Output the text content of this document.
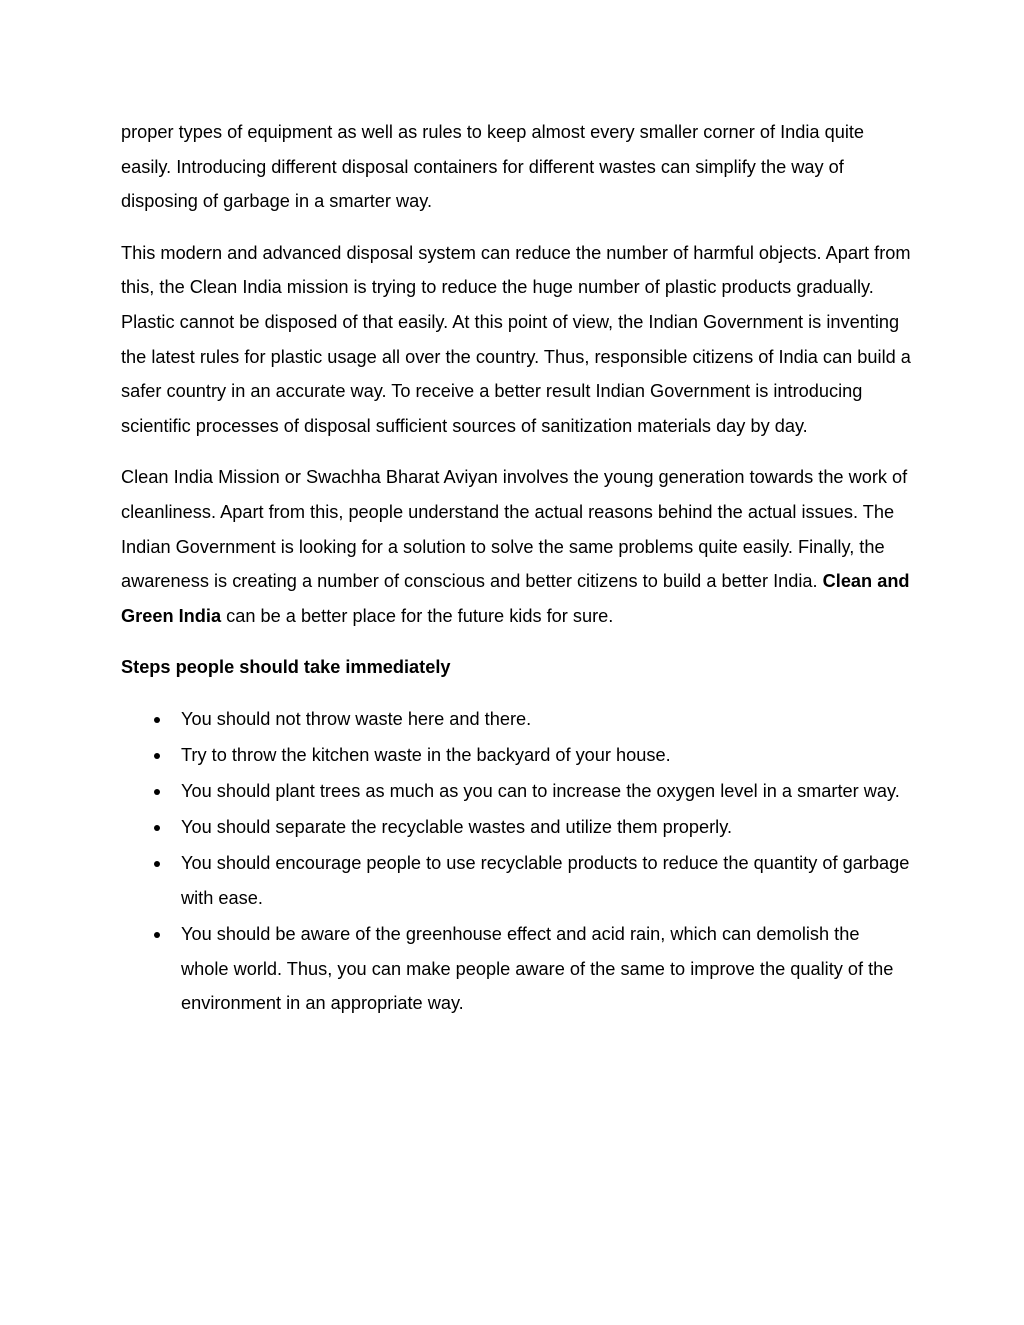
proper types of equipment as well as rules to keep almost every smaller corner of India quite easily. Introducing different disposal containers for different wastes can simplify the way of disposing of garbage in a smarter way.

This modern and advanced disposal system can reduce the number of harmful objects. Apart from this, the Clean India mission is trying to reduce the huge number of plastic products gradually. Plastic cannot be disposed of that easily. At this point of view, the Indian Government is inventing the latest rules for plastic usage all over the country. Thus, responsible citizens of India can build a safer country in an accurate way. To receive a better result Indian Government is introducing scientific processes of disposal sufficient sources of sanitization materials day by day.

Clean India Mission or Swachha Bharat Aviyan involves the young generation towards the work of cleanliness. Apart from this, people understand the actual reasons behind the actual issues. The Indian Government is looking for a solution to solve the same problems quite easily. Finally, the awareness is creating a number of conscious and better citizens to build a better India. Clean and Green India can be a better place for the future kids for sure.

Steps people should take immediately

You should not throw waste here and there.
Try to throw the kitchen waste in the backyard of your house.
You should plant trees as much as you can to increase the oxygen level in a smarter way.
You should separate the recyclable wastes and utilize them properly.
You should encourage people to use recyclable products to reduce the quantity of garbage with ease.
You should be aware of the greenhouse effect and acid rain, which can demolish the whole world. Thus, you can make people aware of the same to improve the quality of the environment in an appropriate way.
